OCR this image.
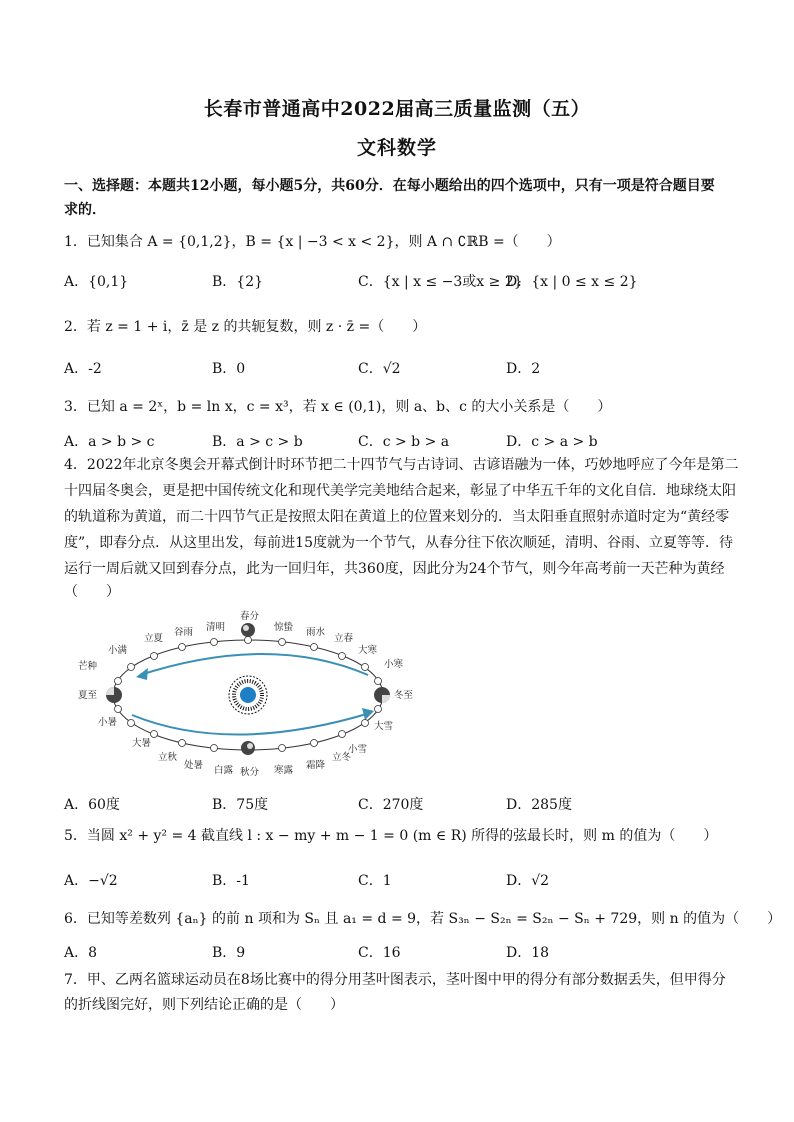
长春市普通高中2022届高三质量监测（五）
文科数学
一、选择题：本题共12小题，每小题5分，共60分．在每小题给出的四个选项中，只有一项是符合题目要
求的．
1．已知集合 A = {0,1,2}，B = {x | −3 < x < 2}，则 A ∩ ∁ℝB =（　　）
A．{0,1}	B．{2}	C．{x | x ≤ −3或x ≥ 2}
D．{x | 0 ≤ x ≤ 2}
2．若 z = 1 + i，z̄ 是 z 的共轭复数，则 z · z̄ =（　　）
A．-2	B．0	C．√2	D．2
3．已知 a = 2ˣ，b = ln x，c = x³，若 x ∈ (0,1)，则 a、b、c 的大小关系是（　　）
A．a > b > c	B．a > c > b	C．c > b > a	D．c > a > b
4．2022年北京冬奥会开幕式倒计时环节把二十四节气与古诗词、古谚语融为一体，巧妙地呼应了今年是第二
十四届冬奥会，更是把中国传统文化和现代美学完美地结合起来，彰显了中华五千年的文化自信．地球绕太阳
的轨道称为黄道，而二十四节气正是按照太阳在黄道上的位置来划分的．当太阳垂直照射赤道时定为“黄经零
度”，即春分点．从这里出发，每前进15度就为一个节气，从春分往下依次顺延，清明、谷雨、立夏等等．待
运行一周后就又回到春分点，此为一回归年，共360度，因此分为24个节气，则今年高考前一天芒种为黄经
（　　）
春分
惊蛰 雨水
立春
清明
谷雨
立夏
小满	大寒
芒种
夏至
小暑
大暑
小寒
冬至
大雪
小雪
立秋
处暑 白露 秋分 寒露 霜降
立冬
A．60度	B．75度	C．270度	D．285度
5．当圆 x² + y² = 4 截直线 l : x − my + m − 1 = 0 (m ∈ R) 所得的弦最长时，则 m 的值为（　　）
A．−√2	B．-1	C．1	D．√2
6．已知等差数列 {aₙ} 的前 n 项和为 Sₙ 且 a₁ = d = 9，若 S₃ₙ − S₂ₙ = S₂ₙ − Sₙ + 729，则 n 的值为（　　）
A．8	B．9	C．16	D．18
7．甲、乙两名篮球运动员在8场比赛中的得分用茎叶图表示，茎叶图中甲的得分有部分数据丢失，但甲得分
的折线图完好，则下列结论正确的是（　　）
